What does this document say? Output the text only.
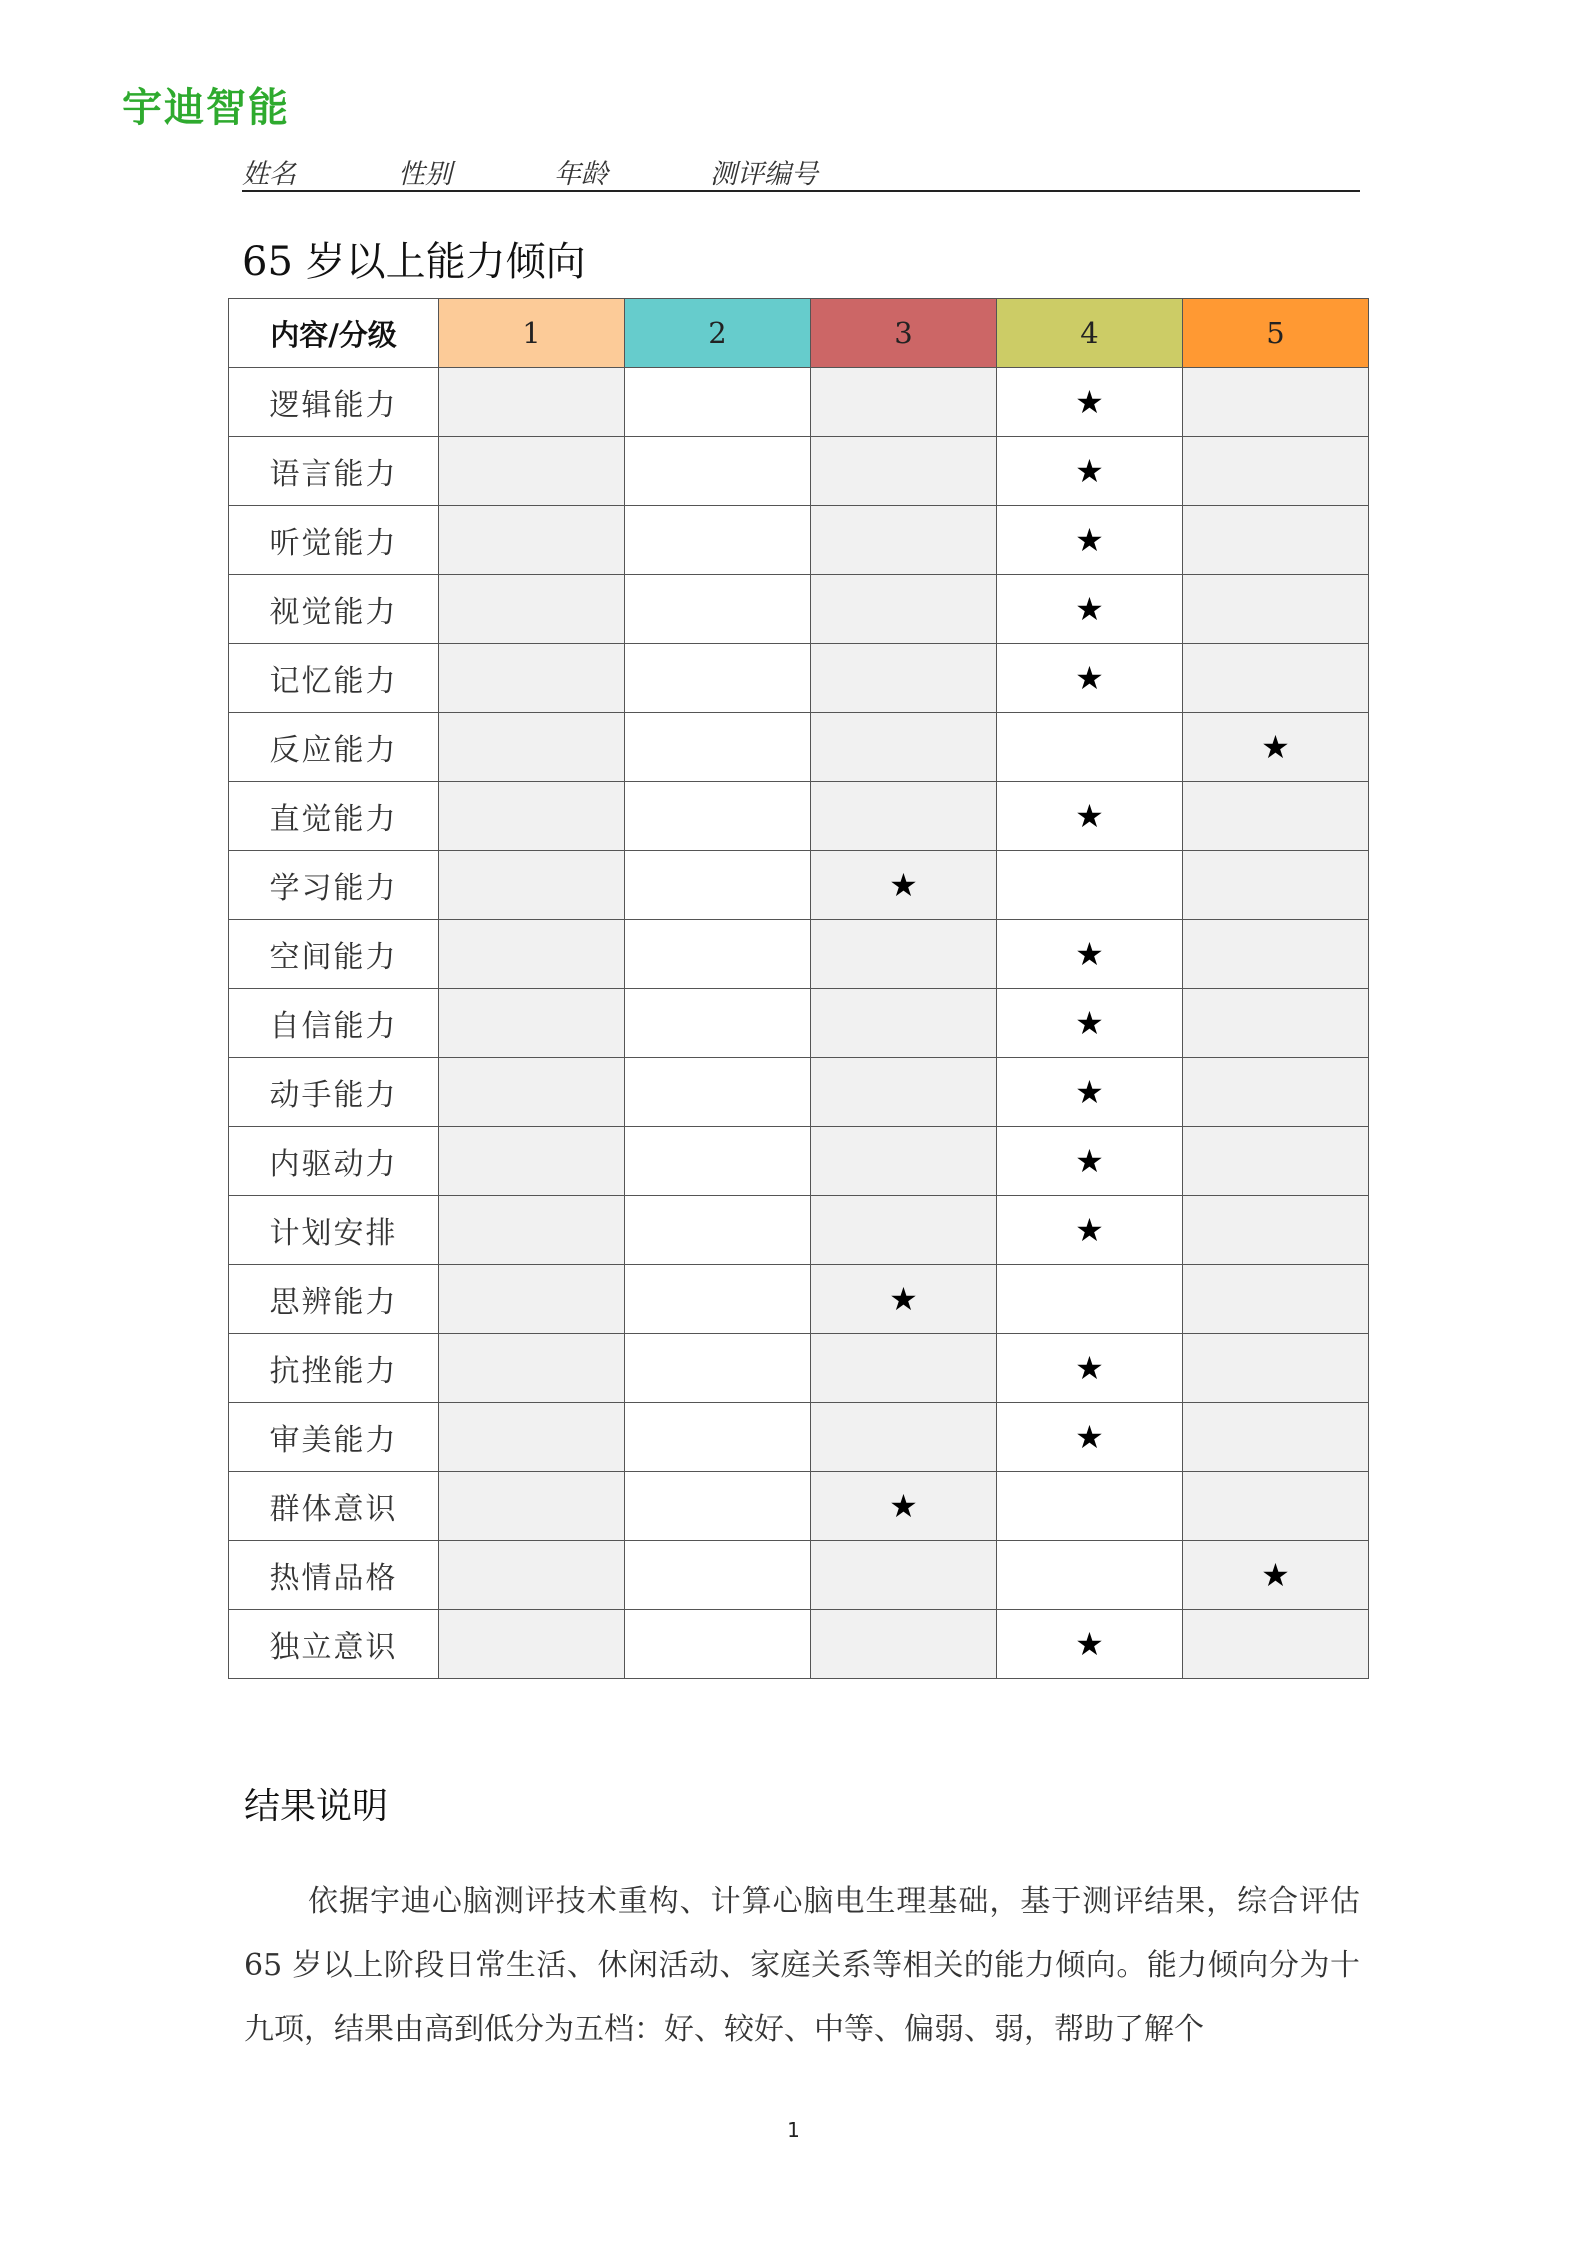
宇迪智能
姓名	性别	年龄	测评编号
65 岁以上能力倾向
内容/分级	1	2	3	4	5
逻辑能力				★	
语言能力				★	
听觉能力				★	
视觉能力				★	
记忆能力				★	
反应能力					★
直觉能力				★	
学习能力			★		
空间能力				★	
自信能力				★	
动手能力				★	
内驱动力				★	
计划安排				★	
思辨能力			★		
抗挫能力				★	
审美能力				★	
群体意识			★		
热情品格					★
独立意识				★	
结果说明
依据宇迪心脑测评技术重构、计算心脑电生理基础，基于测评结果，综合评估 65 岁以上阶段日常生活、休闲活动、家庭关系等相关的能力倾向。能力倾向分为十九项，结果由高到低分为五档：好、较好、中等、偏弱、弱，帮助了解个
1
